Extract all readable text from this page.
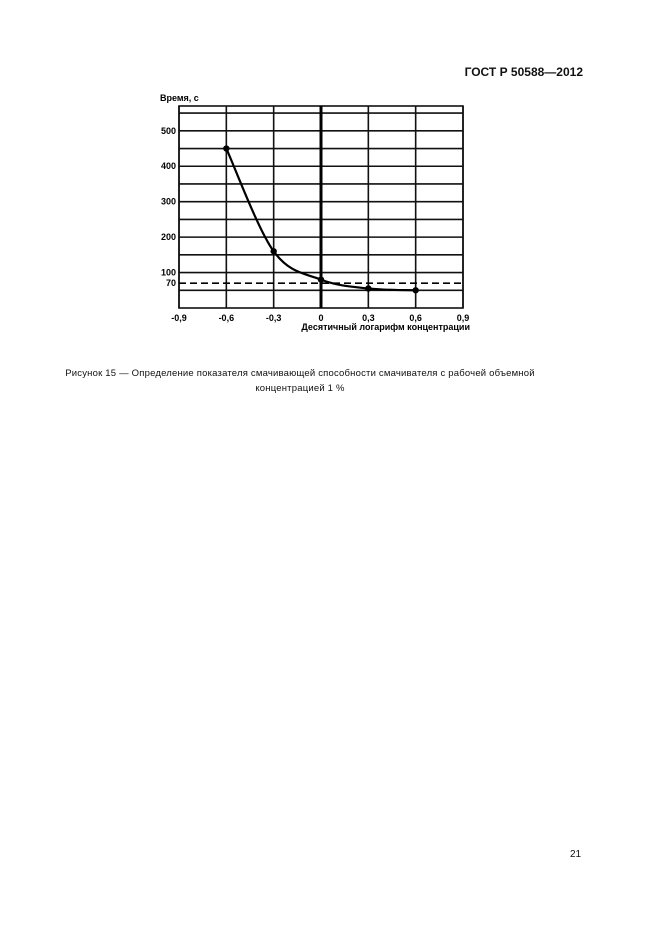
ГОСТ Р 50588—2012
70
100
200
300
400
500
-0,9	-0,6	-0,3	0	0,3	0,6	0,9
Время, с
Десятичный логарифм концентрации
Рисунок 15 — Определение показателя смачивающей способности смачивателя с рабочей объемной
концентрацией 1 %
21
